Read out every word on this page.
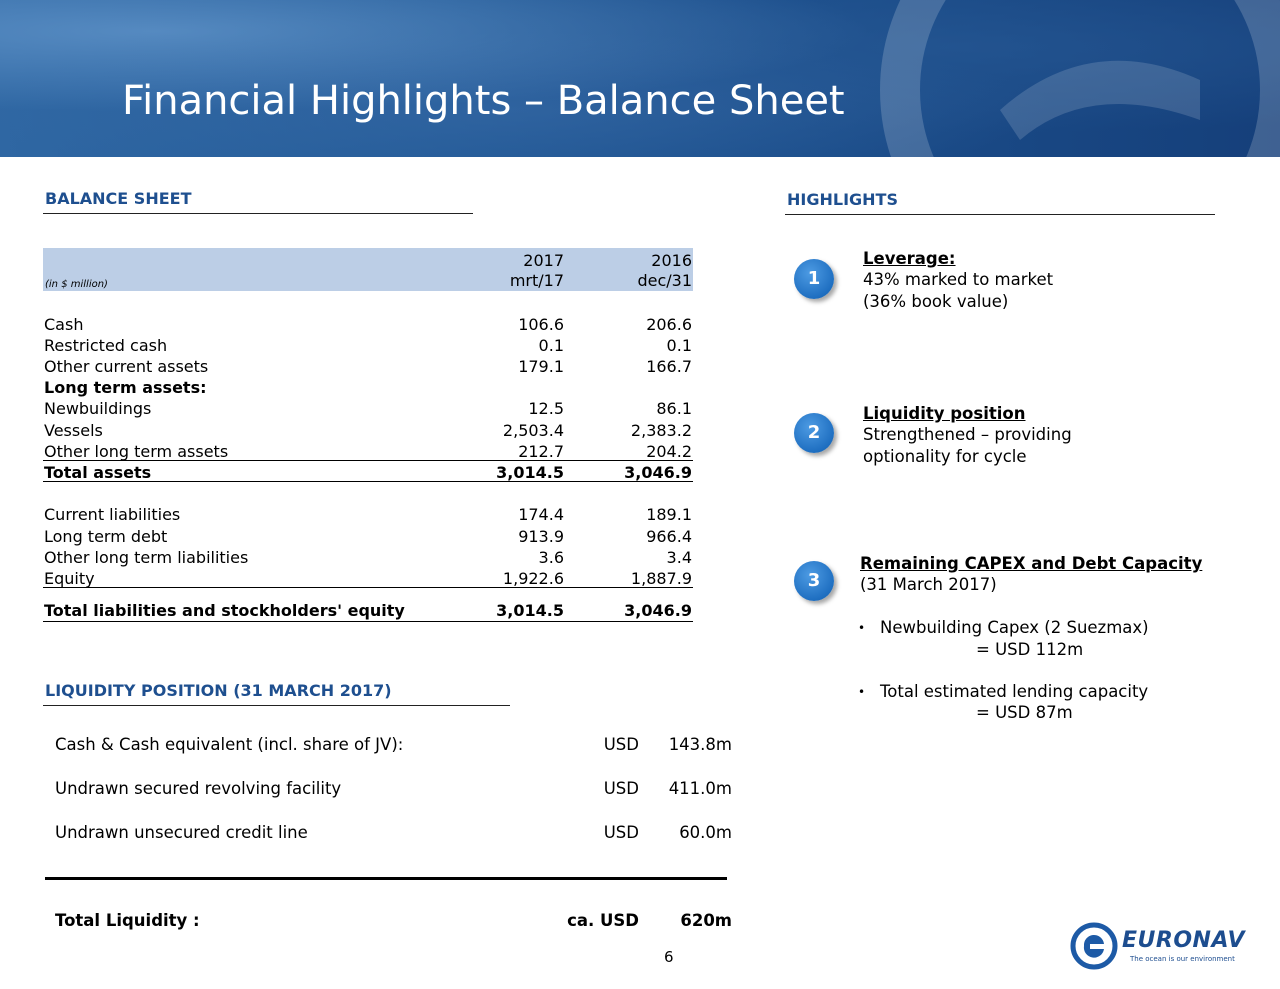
Financial Highlights – Balance Sheet
BALANCE SHEET
2017	2016
mrt/17	dec/31
(in $ million)
Cash	106.6	206.6
Restricted cash	0.1	0.1
Other current assets	179.1	166.7
Long term assets:
Newbuildings	12.5	86.1
Vessels	2,503.4	2,383.2
Other long term assets	212.7	204.2
Total assets	3,014.5	3,046.9
Current liabilities	174.4	189.1
Long term debt	913.9	966.4
Other long term liabilities	3.6	3.4
Equity	1,922.6	1,887.9
Total liabilities and stockholders' equity	3,014.5	3,046.9
LIQUIDITY POSITION (31 MARCH 2017)
Cash & Cash equivalent (incl. share of JV):	USD 143.8m
Undrawn secured revolving facility	USD 411.0m
Undrawn unsecured credit line	USD 60.0m
Total Liquidity :	ca. USD	620m
HIGHLIGHTS
1
Leverage:
43% marked to market
(36% book value)
2
Liquidity position
Strengthened – providing
optionality for cycle
3
Remaining CAPEX and Debt Capacity
(31 March 2017)
• Newbuilding Capex (2 Suezmax)
= USD 112m
• Total estimated lending capacity
= USD 87m
6
EURONAV
The ocean is our environment
